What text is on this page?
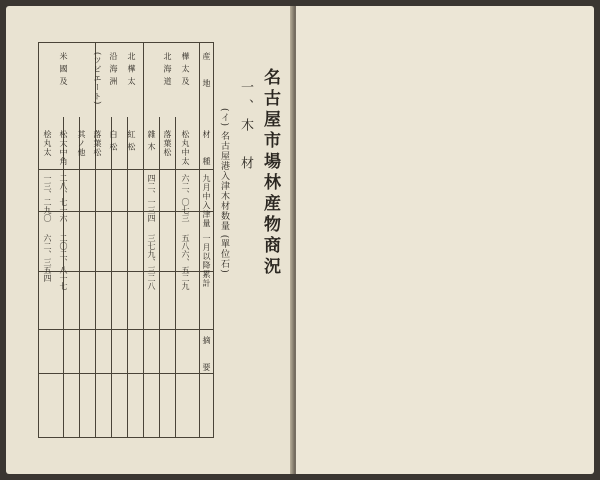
名古屋市場林産物商況
一、木　材
(イ) 名古屋港入津木材数量 (單位石)
産　　地
材　　種
九月中入津量
一月以降累計
摘　　要
樺 太 及
松丸中太
六二、〇七三
五八六、五二九
北 海 道
落葉松
雜 木
四二、一三四
三七九、三二八
北 樺 太
紅 松
沿 海 洲
白 松
(ツビエート)
落葉松
其ノ他
米 國 及
松大中角
二八、七一六
二〇二、八一七
桧丸太
一三、二九〇
六二、三五四
